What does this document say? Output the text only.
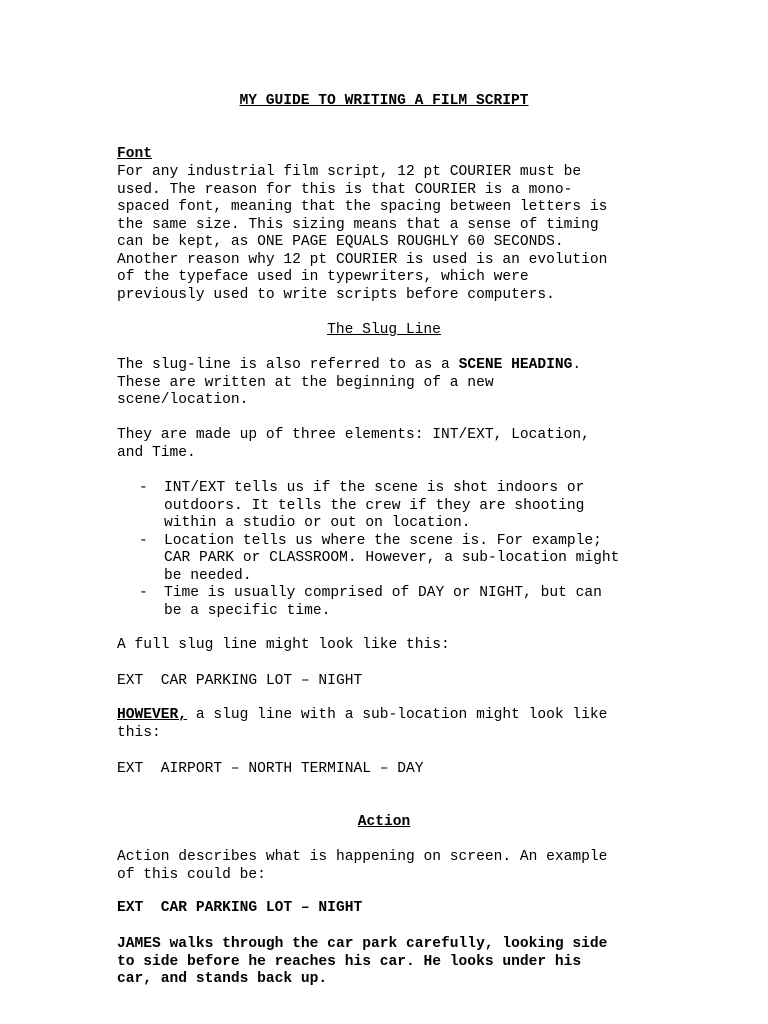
MY GUIDE TO WRITING A FILM SCRIPT

Font

For any industrial film script, 12 pt COURIER must be
used. The reason for this is that COURIER is a mono-
spaced font, meaning that the spacing between letters is
the same size. This sizing means that a sense of timing
can be kept, as ONE PAGE EQUALS ROUGHLY 60 SECONDS.
Another reason why 12 pt COURIER is used is an evolution
of the typeface used in typewriters, which were
previously used to write scripts before computers.

The Slug Line

The slug-line is also referred to as a SCENE HEADING.
These are written at the beginning of a new
scene/location.

They are made up of three elements: INT/EXT, Location,
and Time.

- INT/EXT tells us if the scene is shot indoors or
outdoors. It tells the crew if they are shooting
within a studio or out on location.
- Location tells us where the scene is. For example;
CAR PARK or CLASSROOM. However, a sub-location might
be needed.
- Time is usually comprised of DAY or NIGHT, but can
be a specific time.

A full slug line might look like this:

EXT  CAR PARKING LOT – NIGHT

HOWEVER, a slug line with a sub-location might look like
this:

EXT  AIRPORT – NORTH TERMINAL – DAY

Action

Action describes what is happening on screen. An example
of this could be:

EXT  CAR PARKING LOT – NIGHT

JAMES walks through the car park carefully, looking side
to side before he reaches his car. He looks under his
car, and stands back up.
